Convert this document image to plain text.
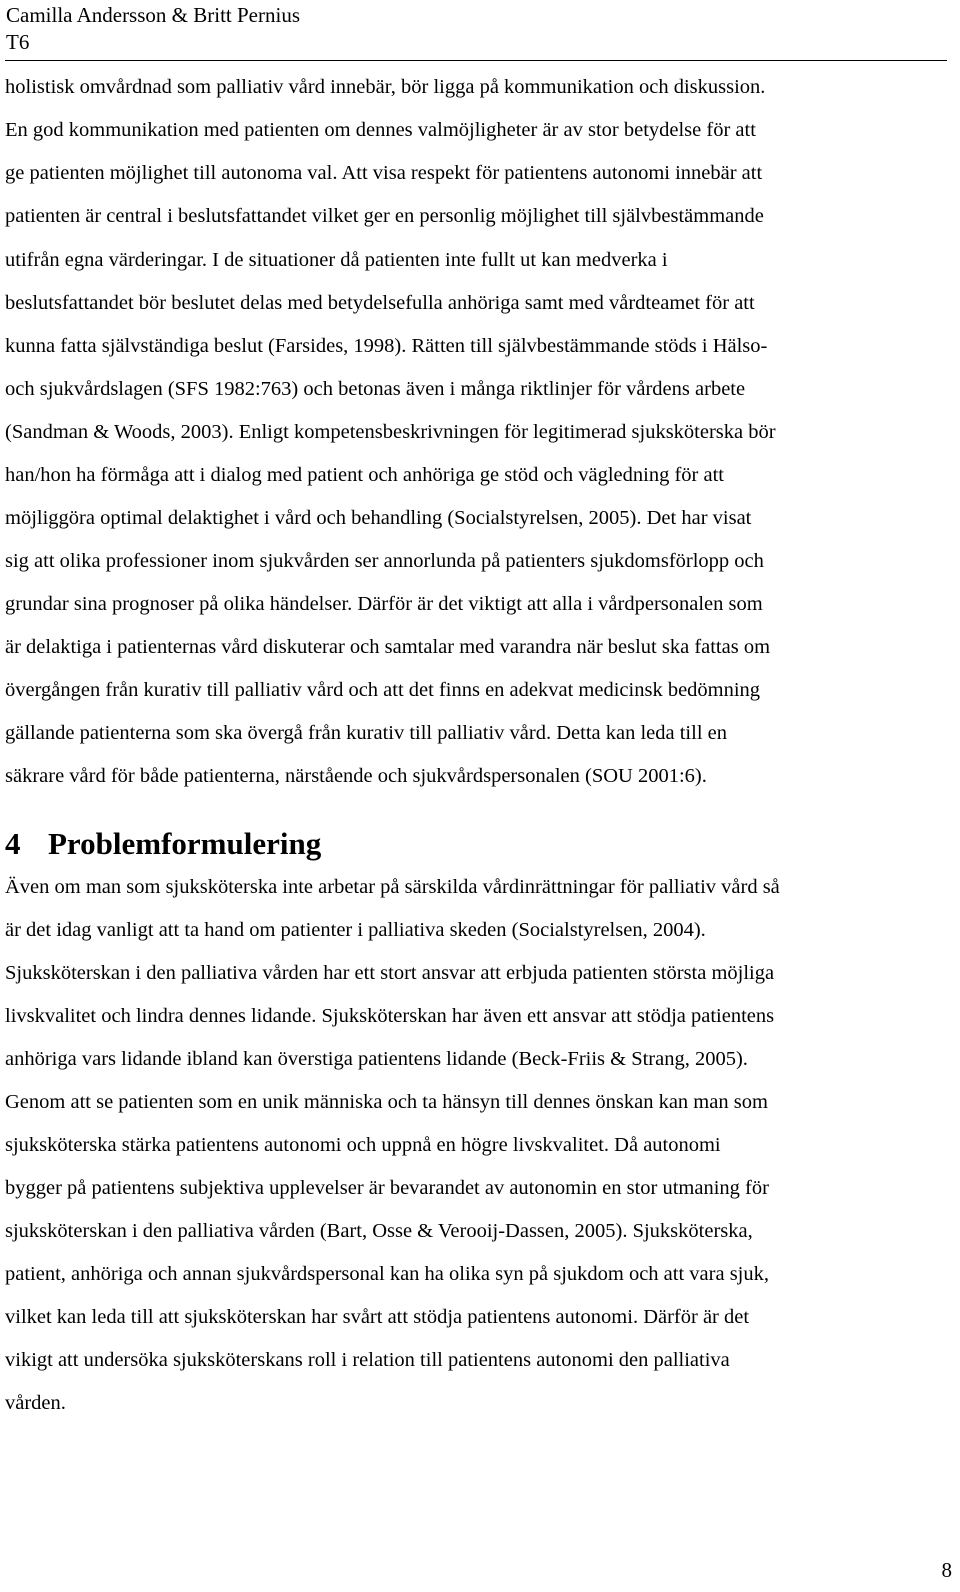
Camilla Andersson & Britt Pernius
T6
holistisk omvårdnad som palliativ vård innebär, bör ligga på kommunikation och diskussion.
En god kommunikation med patienten om dennes valmöjligheter är av stor betydelse för att
ge patienten möjlighet till autonoma val. Att visa respekt för patientens autonomi innebär att
patienten är central i beslutsfattandet vilket ger en personlig möjlighet till självbestämmande
utifrån egna värderingar. I de situationer då patienten inte fullt ut kan medverka i
beslutsfattandet bör beslutet delas med betydelsefulla anhöriga samt med vårdteamet för att
kunna fatta självständiga beslut (Farsides, 1998). Rätten till självbestämmande stöds i Hälso-
och sjukvårdslagen (SFS 1982:763) och betonas även i många riktlinjer för vårdens arbete
(Sandman & Woods, 2003). Enligt kompetensbeskrivningen för legitimerad sjuksköterska bör
han/hon ha förmåga att i dialog med patient och anhöriga ge stöd och vägledning för att
möjliggöra optimal delaktighet i vård och behandling (Socialstyrelsen, 2005). Det har visat
sig att olika professioner inom sjukvården ser annorlunda på patienters sjukdomsförlopp och
grundar sina prognoser på olika händelser. Därför är det viktigt att alla i vårdpersonalen som
är delaktiga i patienternas vård diskuterar och samtalar med varandra när beslut ska fattas om
övergången från kurativ till palliativ vård och att det finns en adekvat medicinsk bedömning
gällande patienterna som ska övergå från kurativ till palliativ vård. Detta kan leda till en
säkrare vård för både patienterna, närstående och sjukvårdspersonalen (SOU 2001:6).
4 Problemformulering
Även om man som sjuksköterska inte arbetar på särskilda vårdinrättningar för palliativ vård så
är det idag vanligt att ta hand om patienter i palliativa skeden (Socialstyrelsen, 2004).
Sjuksköterskan i den palliativa vården har ett stort ansvar att erbjuda patienten största möjliga
livskvalitet och lindra dennes lidande. Sjuksköterskan har även ett ansvar att stödja patientens
anhöriga vars lidande ibland kan överstiga patientens lidande (Beck-Friis & Strang, 2005).
Genom att se patienten som en unik människa och ta hänsyn till dennes önskan kan man som
sjuksköterska stärka patientens autonomi och uppnå en högre livskvalitet. Då autonomi
bygger på patientens subjektiva upplevelser är bevarandet av autonomin en stor utmaning för
sjuksköterskan i den palliativa vården (Bart, Osse & Verooij-Dassen, 2005). Sjuksköterska,
patient, anhöriga och annan sjukvårdspersonal kan ha olika syn på sjukdom och att vara sjuk,
vilket kan leda till att sjuksköterskan har svårt att stödja patientens autonomi. Därför är det
vikigt att undersöka sjuksköterskans roll i relation till patientens autonomi den palliativa
vården.
8
